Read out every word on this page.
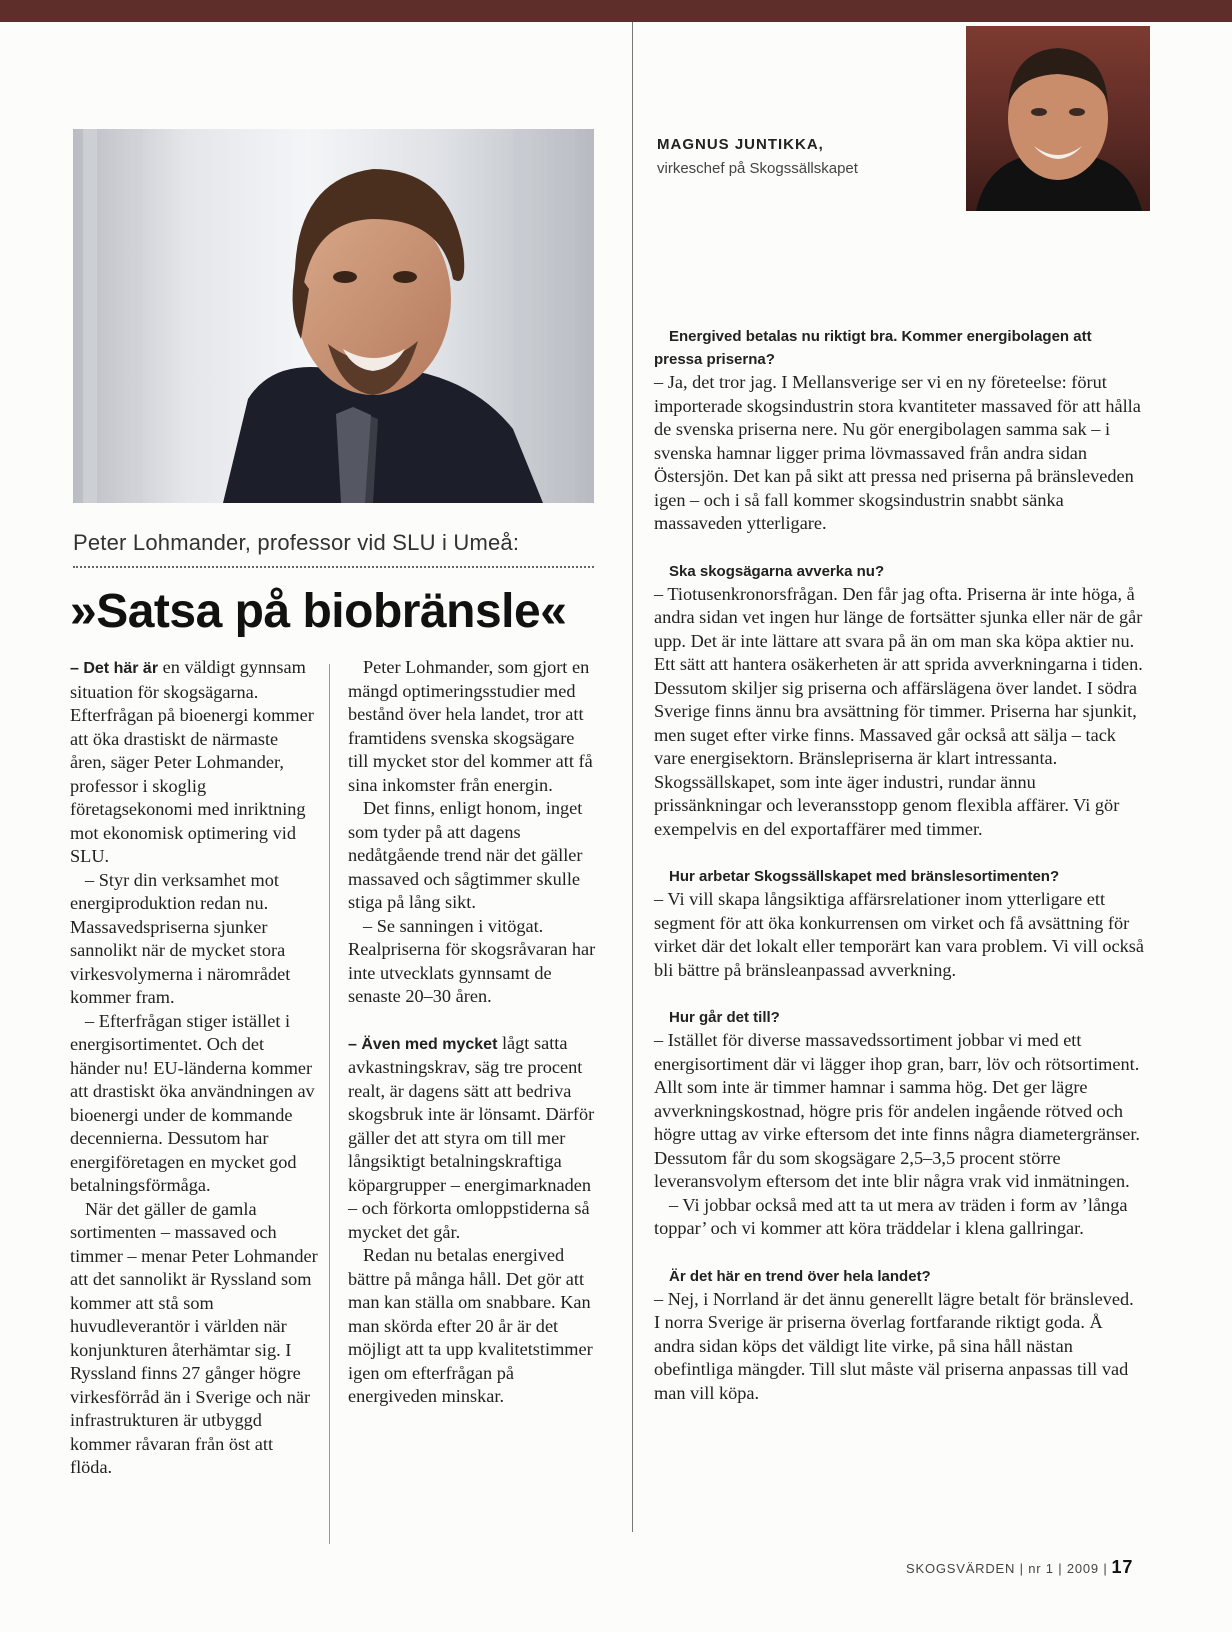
MAGNUS JUNTIKKA,
virkeschef på Skogssällskapet
Peter Lohmander, professor vid SLU i Umeå:
»Satsa på biobränsle«

– Det här är en väldigt gynnsam situation för skogsägarna. Efterfrågan på bioenergi kommer att öka drastiskt de närmaste åren, säger Peter Lohmander, professor i skoglig företagsekonomi med inriktning mot ekonomisk optimering vid SLU.

– Styr din verksamhet mot energiproduktion redan nu. Massavedspriserna sjunker sannolikt när de mycket stora virkesvolymerna i närområdet kommer fram.

– Efterfrågan stiger istället i energisortimentet. Och det händer nu! EU-länderna kommer att drastiskt öka användningen av bioenergi under de kommande decennierna. Dessutom har energiföretagen en mycket god betalningsförmåga.

När det gäller de gamla sortimenten – massaved och timmer – menar Peter Lohmander att det sannolikt är Ryssland som kommer att stå som huvudleverantör i världen när konjunkturen återhämtar sig. I Ryssland finns 27 gånger högre virkesförråd än i Sverige och när infrastrukturen är utbyggd kommer råvaran från öst att flöda.

Peter Lohmander, som gjort en mängd optimeringsstudier med bestånd över hela landet, tror att framtidens svenska skogsägare till mycket stor del kommer att få sina inkomster från energin.

Det finns, enligt honom, inget som tyder på att dagens nedåtgående trend när det gäller massaved och sågtimmer skulle stiga på lång sikt.

– Se sanningen i vitögat. Realpriserna för skogsråvaran har inte utvecklats gynnsamt de senaste 20–30 åren.

– Även med mycket lågt satta avkastningskrav, säg tre procent realt, är dagens sätt att bedriva skogsbruk inte är lönsamt. Därför gäller det att styra om till mer långsiktigt betalningskraftiga köpargrupper – energimarknaden – och förkorta omloppstiderna så mycket det går.

Redan nu betalas energived bättre på många håll. Det gör att man kan ställa om snabbare. Kan man skörda efter 20 år är det möjligt att ta upp kvalitetstimmer igen om efterfrågan på energiveden minskar.

Energived betalas nu riktigt bra. Kommer energibolagen att pressa priserna?

– Ja, det tror jag. I Mellansverige ser vi en ny företeelse: förut importerade skogsindustrin stora kvantiteter massaved för att hålla de svenska priserna nere. Nu gör energibolagen samma sak – i svenska hamnar ligger prima lövmassaved från andra sidan Östersjön. Det kan på sikt att pressa ned priserna på bränsleveden igen – och i så fall kommer skogsindustrin snabbt sänka massaveden ytterligare.

Ska skogsägarna avverka nu?

– Tiotusenkronorsfrågan. Den får jag ofta. Priserna är inte höga, å andra sidan vet ingen hur länge de fortsätter sjunka eller när de går upp. Det är inte lättare att svara på än om man ska köpa aktier nu. Ett sätt att hantera osäkerheten är att sprida avverkningarna i tiden. Dessutom skiljer sig priserna och affärslägena över landet. I södra Sverige finns ännu bra avsättning för timmer. Priserna har sjunkit, men suget efter virke finns. Massaved går också att sälja – tack vare energisektorn. Bränslepriserna är klart intressanta. Skogssällskapet, som inte äger industri, rundar ännu prissänkningar och leveransstopp genom flexibla affärer. Vi gör exempelvis en del exportaffärer med timmer.

Hur arbetar Skogssällskapet med bränslesortimenten?

– Vi vill skapa långsiktiga affärsrelationer inom ytterligare ett segment för att öka konkurrensen om virket och få avsättning för virket där det lokalt eller temporärt kan vara problem. Vi vill också bli bättre på bränsleanpassad avverkning.

Hur går det till?

– Istället för diverse massavedssortiment jobbar vi med ett energisortiment där vi lägger ihop gran, barr, löv och rötsortiment. Allt som inte är timmer hamnar i samma hög. Det ger lägre avverkningskostnad, högre pris för andelen ingående rötved och högre uttag av virke eftersom det inte finns några diametergränser. Dessutom får du som skogsägare 2,5–3,5 procent större leveransvolym eftersom det inte blir några vrak vid inmätningen.

– Vi jobbar också med att ta ut mera av träden i form av ’långa toppar’ och vi kommer att köra träddelar i klena gallringar.

Är det här en trend över hela landet?

– Nej, i Norrland är det ännu generellt lägre betalt för bränsleved. I norra Sverige är priserna överlag fortfarande riktigt goda. Å andra sidan köps det väldigt lite virke, på sina håll nästan obefintliga mängder. Till slut måste väl priserna anpassas till vad man vill köpa.

SKOGSVÄRDEN | nr 1 | 2009 | 17
